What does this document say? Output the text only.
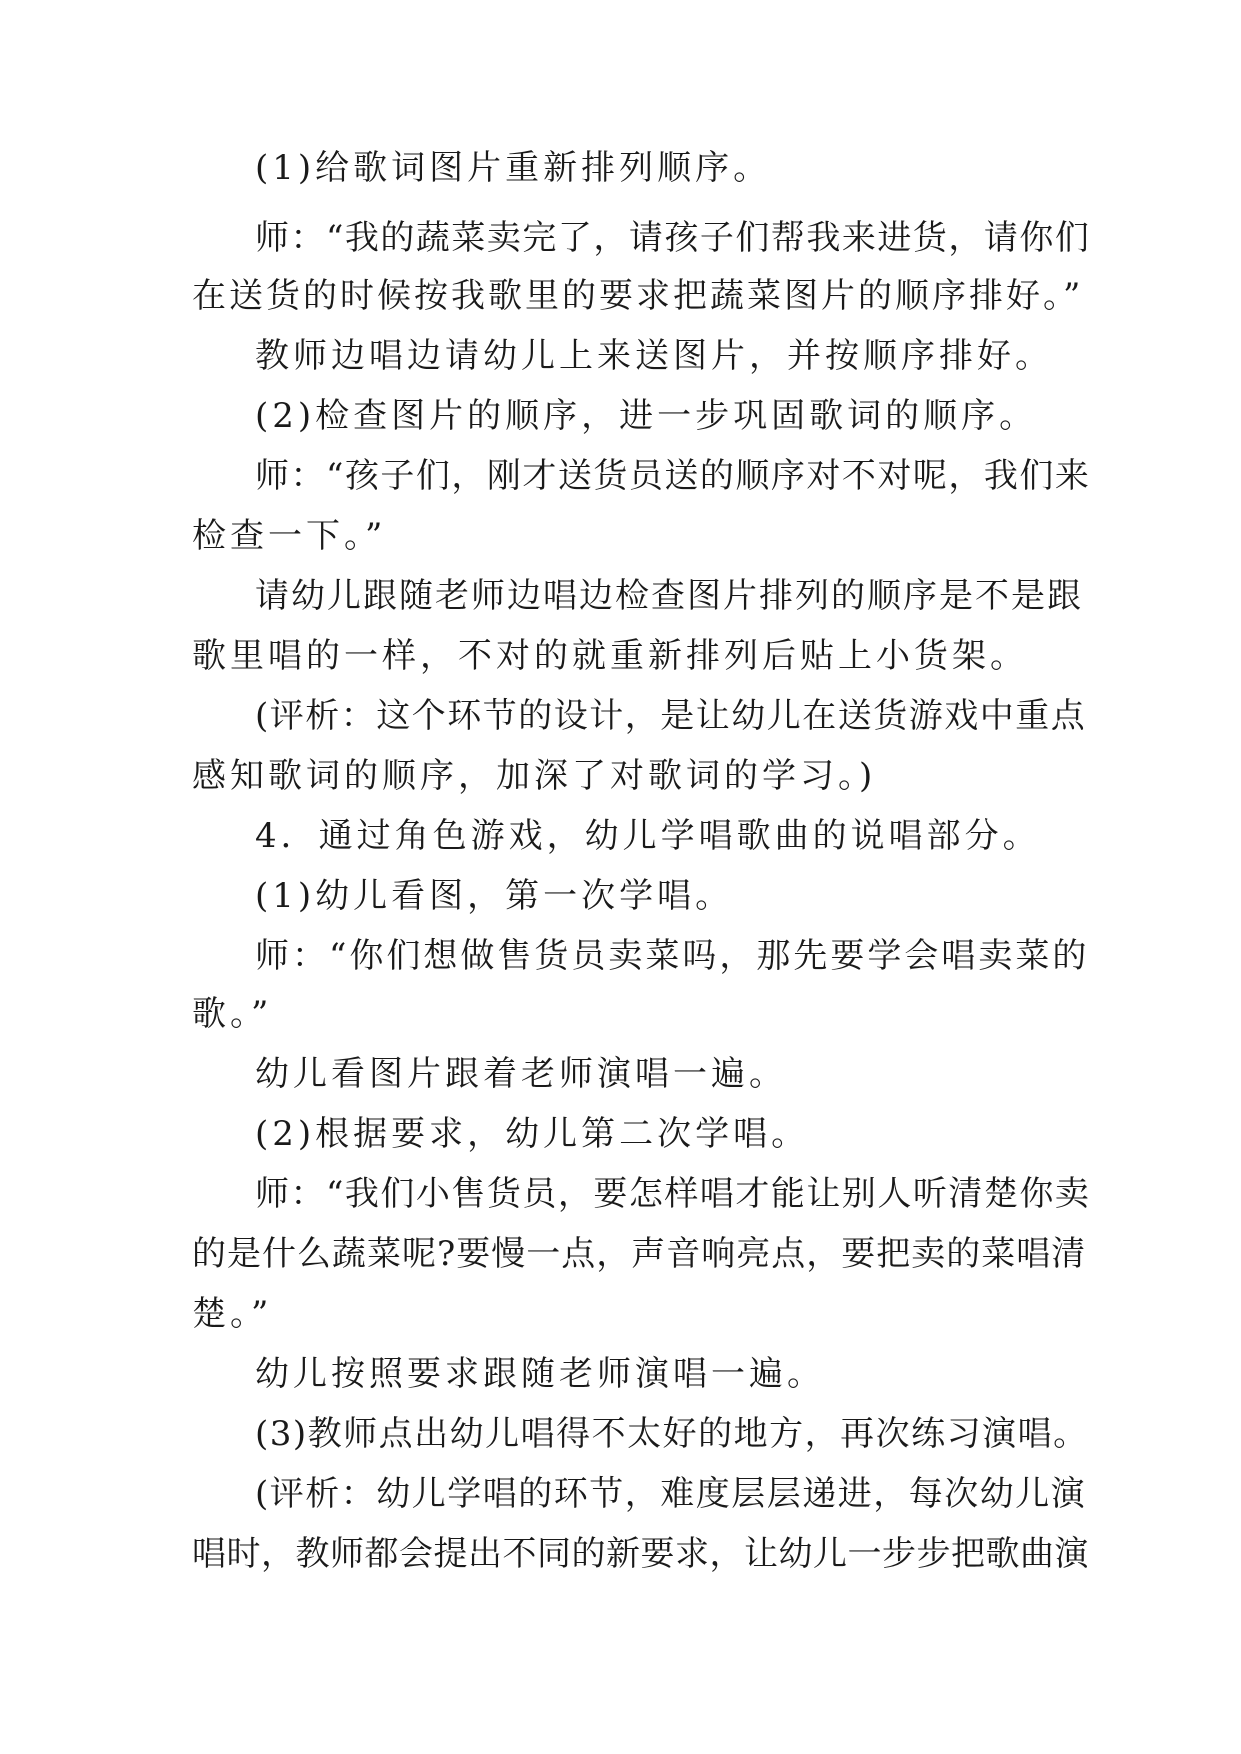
(1)给歌词图片重新排列顺序。
师：“我的蔬菜卖完了，请孩子们帮我来进货，请你们
在送货的时候按我歌里的要求把蔬菜图片的顺序排好。”
教师边唱边请幼儿上来送图片，并按顺序排好。
(2)检查图片的顺序，进一步巩固歌词的顺序。
师：“孩子们，刚才送货员送的顺序对不对呢，我们来
检查一下。”
请幼儿跟随老师边唱边检查图片排列的顺序是不是跟
歌里唱的一样，不对的就重新排列后贴上小货架。
(评析：这个环节的设计，是让幼儿在送货游戏中重点
感知歌词的顺序，加深了对歌词的学习。)
4．通过角色游戏，幼儿学唱歌曲的说唱部分。
(1)幼儿看图，第一次学唱。
师：“你们想做售货员卖菜吗，那先要学会唱卖菜的
歌。”
幼儿看图片跟着老师演唱一遍。
(2)根据要求，幼儿第二次学唱。
师：“我们小售货员，要怎样唱才能让别人听清楚你卖
的是什么蔬菜呢?要慢一点，声音响亮点，要把卖的菜唱清
楚。”
幼儿按照要求跟随老师演唱一遍。
(3)教师点出幼儿唱得不太好的地方，再次练习演唱。
(评析：幼儿学唱的环节，难度层层递进，每次幼儿演
唱时，教师都会提出不同的新要求，让幼儿一步步把歌曲演
